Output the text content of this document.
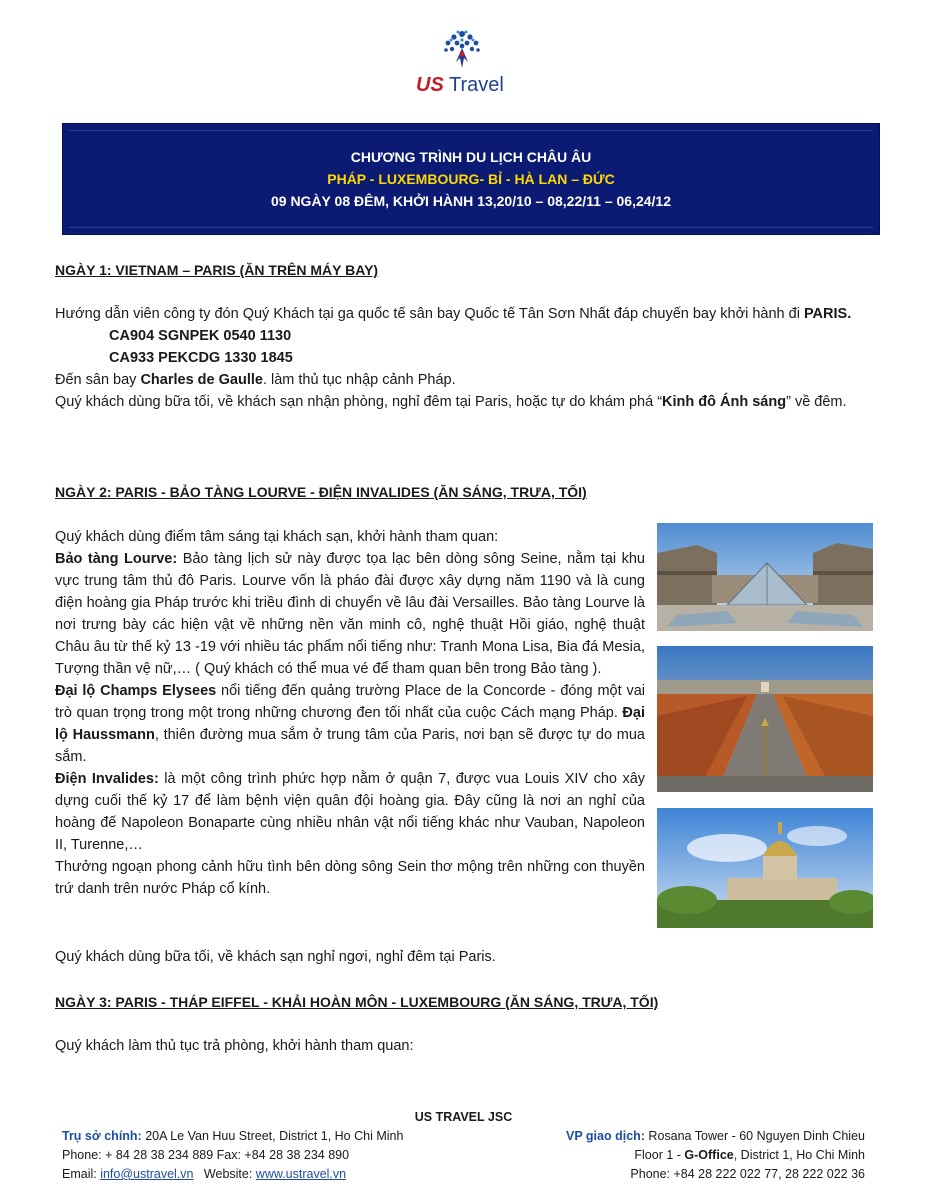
US Travel
CHƯƠNG TRÌNH DU LỊCH CHÂU ÂU
PHÁP - LUXEMBOURG- BỈ - HÀ LAN – ĐỨC
09 NGÀY 08 ĐÊM, KHỞI HÀNH 13,20/10 – 08,22/11 – 06,24/12
NGÀY 1: VIETNAM – PARIS (ĂN TRÊN MÁY BAY)
Hướng dẫn viên công ty đón Quý Khách tại ga quốc tế sân bay Quốc tế Tân Sơn Nhất đáp chuyến bay khởi hành đi PARIS.
CA904 SGNPEK 0540 1130
CA933 PEKCDG 1330 1845
Đến sân bay Charles de Gaulle. làm thủ tục nhập cảnh Pháp.
Quý khách dùng bữa tối, về khách sạn nhận phòng, nghỉ đêm tại Paris, hoặc tự do khám phá “Kinh đô Ánh sáng” về đêm.
NGÀY 2: PARIS - BẢO TÀNG LOURVE - ĐIỆN INVALIDES (ĂN SÁNG, TRƯA, TỐI)
Quý khách dùng điểm tâm sáng tại khách sạn, khởi hành tham quan:
Bảo tàng Lourve: Bảo tàng lịch sử này được tọa lạc bên dòng sông Seine, nằm tại khu vực trung tâm thủ đô Paris. Lourve vốn là pháo đài được xây dựng năm 1190 và là cung điện hoàng gia Pháp trước khi triều đình di chuyển về lâu đài Versailles. Bảo tàng Lourve là nơi trưng bày các hiện vật về những nền văn minh cô, nghệ thuật Hồi giáo, nghệ thuật Châu âu từ thế kỷ 13 -19 với nhiều tác phẩm nổi tiếng như: Tranh Mona Lisa, Bia đá Mesia, Tượng thần vệ nữ,… ( Quý khách có thể mua vé để tham quan bên trong Bảo tàng ).
Đại lộ Champs Elysees nổi tiếng đến quảng trường Place de la Concorde - đóng một vai trò quan trọng trong một trong những chương đen tối nhất của cuộc Cách mạng Pháp. Đại lộ Haussmann, thiên đường mua sắm ở trung tâm của Paris, nơi bạn sẽ được tự do mua sắm.
Điện Invalides: là một công trình phức hợp nằm ở quận 7, được vua Louis XIV cho xây dựng cuối thế kỷ 17 để làm bệnh viện quân đội hoàng gia. Đây cũng là nơi an nghỉ của hoàng đế Napoleon Bonaparte cùng nhiều nhân vật nổi tiếng khác như Vauban, Napoleon II, Turenne,…
Thưởng ngoạn phong cảnh hữu tình bên dòng sông Sein thơ mộng trên những con thuyền trứ danh trên nước Pháp cổ kính.
Quý khách dùng bữa tối, về khách sạn nghỉ ngơi, nghỉ đêm tại Paris.
NGÀY 3: PARIS - THÁP EIFFEL - KHẢI HOÀN MÔN - LUXEMBOURG (ĂN SÁNG, TRƯA, TỐI)
Quý khách làm thủ tục trả phòng, khởi hành tham quan:
US TRAVEL JSC
Trụ sở chính: 20A Le Van Huu Street, District 1, Ho Chi Minh
Phone: + 84 28 38 234 889 Fax: +84 28 38 234 890
Email: info@ustravel.vn   Website: www.ustravel.vn
VP giao dịch: Rosana Tower - 60 Nguyen Dinh Chieu
Floor 1 - G-Office, District 1, Ho Chi Minh
Phone: +84 28 222 022 77, 28 222 022 36
